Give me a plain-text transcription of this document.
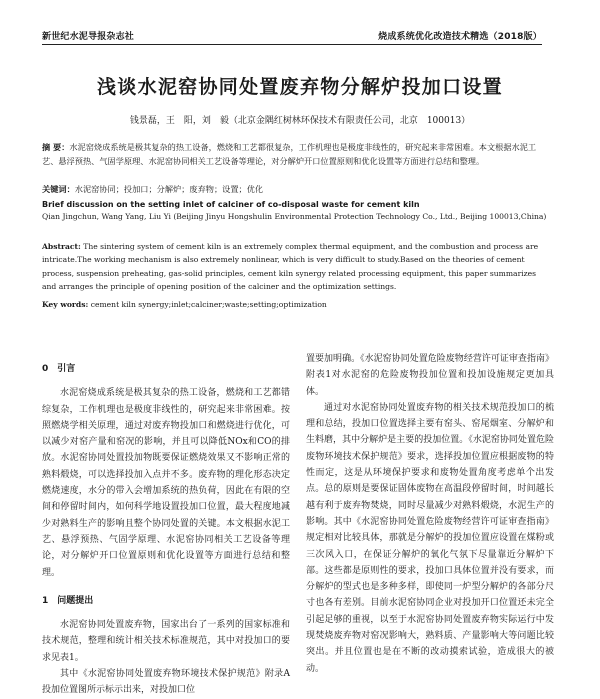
新世纪水泥导报杂志社	烧成系统优化改造技术精选（2018版）
浅谈水泥窑协同处置废弃物分解炉投加口设置
钱景磊，王　阳，刘　毅（北京金隅红树林环保技术有限责任公司，北京　100013）
摘 要：水泥窑烧成系统是极其复杂的热工设备，燃烧和工艺都很复杂，工作机理也是极度非线性的，研究起来非常困难。本文根据水泥工艺、悬浮预热、气固学原理、水泥窑协同相关工艺设备等理论，对分解炉开口位置原则和优化设置等方面进行总结和整理。
关键词：水泥窑协同；投加口；分解炉；废弃物；设置；优化
Brief discussion on the setting inlet of calciner of co-disposal waste for cement kiln
Qian Jingchun, Wang Yang, Liu Yi (Beijing Jinyu Hongshulin Environmental Protection Technology Co., Ltd., Beijing 100013,China)
Abstract: The sintering system of cement kiln is an extremely complex thermal equipment, and the combustion and process are intricate.The working mechanism is also extremely nonlinear, which is very difficult to study.Based on the theories of cement process, suspension preheating, gas-solid principles, cement kiln synergy related processing equipment, this paper summarizes and arranges the principle of opening position of the calciner and the optimization settings.
Key words: cement kiln synergy;inlet;calciner;waste;setting;optimization
0　引言

水泥窑烧成系统是极其复杂的热工设备，燃烧和工艺都错综复杂，工作机理也是极度非线性的，研究起来非常困难。按照燃烧学相关原理，通过对废弃物投加口和燃烧进行优化，可以减少对窑产量和窑况的影响，并且可以降低NOx和CO的排放。水泥窑协同处置投加物既要保证燃烧效果又不影响正常的熟料煅烧，可以选择投加入点并不多。废弃物的理化形态决定燃烧速度，水分的带入会增加系统的热负荷，因此在有限的空间和停留时间内，如何科学地设置投加口位置，最大程度地减少对熟料生产的影响且整个协同处置的关键。本文根据水泥工艺、悬浮预热、气固学原理、水泥窑协同相关工艺设备等理论，对分解炉开口位置原则和优化设置等方面进行总结和整理。

1　问题提出

水泥窑协同处置废弃物，国家出台了一系列的国家标准和技术规范，整理和统计相关技术标准规范，其中对投加口的要求见表1。

其中《水泥窑协同处置废弃物环境技术保护规范》附录A投加位置图所示标示出来，对投加口位

置要加明确。《水泥窑协同处置危险废物经营许可证审查指南》附表1对水泥窑的危险废物投加位置和投加设施规定更加具体。

通过对水泥窑协同处置废弃物的相关技术规范投加口的梳理和总结，投加口位置选择主要有窑头、窑尾烟室、分解炉和生料磨，其中分解炉是主要的投加位置。《水泥窑协同处置危险废物环境技术保护规范》要求，选择投加位置应根据废物的特性而定，这是从环境保护要求和废物处置角度考虑单个出发点。总的原则是要保证固体废物在高温段停留时间，时间越长越有利于废弃物焚烧，同时尽量减少对熟料煅烧，水泥生产的影响。其中《水泥窑协同处置危险废物经营许可证审查指南》规定相对比较具体，那就是分解炉的投加位置应设置在煤粉或三次风入口，在保证分解炉的氧化气氛下尽量靠近分解炉下部。这些都是原则性的要求，投加口具体位置并没有要求，而分解炉的型式也是多种多样，即使同一炉型分解炉的各部分尺寸也各有差别。目前水泥窑协同企业对投加开口位置还未完全引起足够的重视，以至于水泥窑协同处置废弃物实际运行中发现焚烧废弃物对窑况影响大，熟料质、产量影响大等问题比较突出。并且位置也是在不断的改动摸索试验，造成很大的被动。
